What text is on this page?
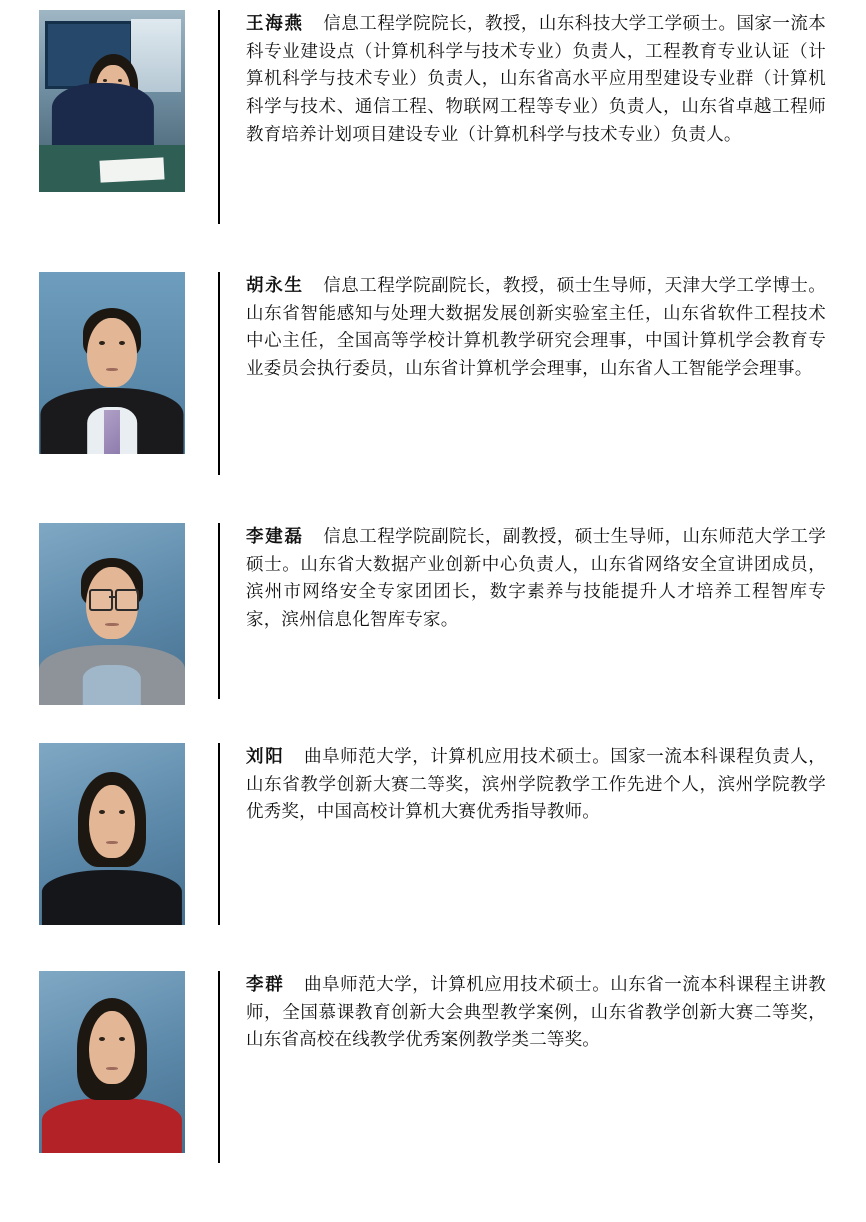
王海燕 信息工程学院院长，教授，山东科技大学工学硕士。国家一流本科专业建设点（计算机科学与技术专业）负责人，工程教育专业认证（计算机科学与技术专业）负责人，山东省高水平应用型建设专业群（计算机科学与技术、通信工程、物联网工程等专业）负责人，山东省卓越工程师教育培养计划项目建设专业（计算机科学与技术专业）负责人。

胡永生 信息工程学院副院长，教授，硕士生导师，天津大学工学博士。山东省智能感知与处理大数据发展创新实验室主任，山东省软件工程技术中心主任，全国高等学校计算机教学研究会理事，中国计算机学会教育专业委员会执行委员，山东省计算机学会理事，山东省人工智能学会理事。

李建磊 信息工程学院副院长，副教授，硕士生导师，山东师范大学工学硕士。山东省大数据产业创新中心负责人，山东省网络安全宣讲团成员，滨州市网络安全专家团团长，数字素养与技能提升人才培养工程智库专家，滨州信息化智库专家。

刘阳 曲阜师范大学，计算机应用技术硕士。国家一流本科课程负责人，山东省教学创新大赛二等奖，滨州学院教学工作先进个人，滨州学院教学优秀奖，中国高校计算机大赛优秀指导教师。

李群 曲阜师范大学，计算机应用技术硕士。山东省一流本科课程主讲教师，全国慕课教育创新大会典型教学案例，山东省教学创新大赛二等奖，山东省高校在线教学优秀案例教学类二等奖。
